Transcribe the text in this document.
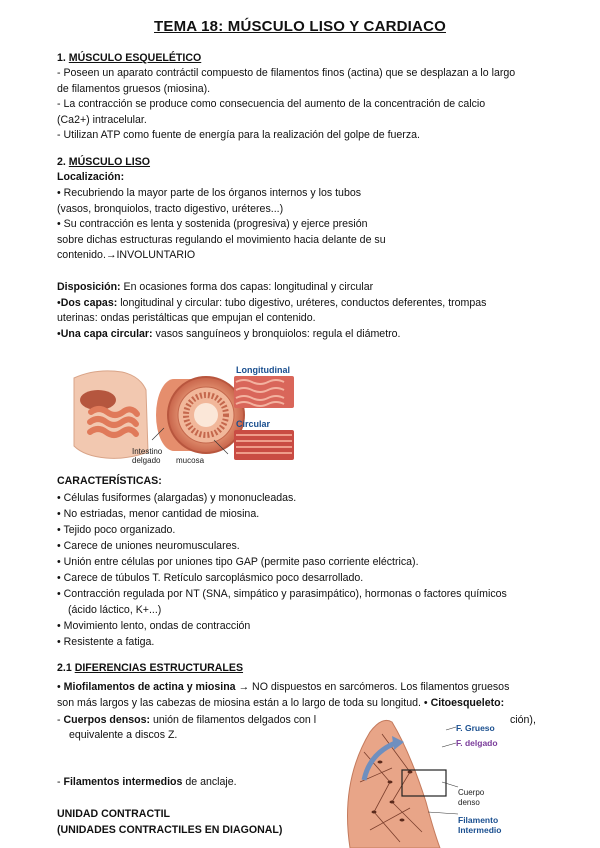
TEMA 18: MÚSCULO LISO Y CARDIACO
1. MÚSCULO ESQUELÉTICO
- Poseen un aparato contráctil compuesto de filamentos finos (actina) que se desplazan a lo largo
de filamentos gruesos (miosina).
- La contracción se produce como consecuencia del aumento de la concentración de calcio
(Ca2+) intracelular.
- Utilizan ATP como fuente de energía para la realización del golpe de fuerza.
2. MÚSCULO LISO
Localización:
• Recubriendo la mayor parte de los órganos internos y los tubos
(vasos, bronquiolos, tracto digestivo, uréteres...)
• Su contracción es lenta y sostenida (progresiva) y ejerce presión
sobre dichas estructuras regulando el movimiento hacia delante de su
contenido.→INVOLUNTARIO
Disposición: En ocasiones forma dos capas: longitudinal y circular
•Dos capas: longitudinal y circular: tubo digestivo, uréteres, conductos deferentes, trompas
uterinas: ondas peristálticas que empujan el contenido.
•Una capa circular: vasos sanguíneos y bronquiolos: regula el diámetro.
Longitudinal
Circular
Intestino
delgado mucosa
CARACTERÍSTICAS:
• Células fusiformes (alargadas) y mononucleadas.
• No estriadas, menor cantidad de miosina.
• Tejido poco organizado.
• Carece de uniones neuromusculares.
• Unión entre células por uniones tipo GAP (permite paso corriente eléctrica).
• Carece de túbulos T. Retículo sarcoplásmico poco desarrollado.
• Contracción regulada por NT (SNA, simpático y parasimpático), hormonas o factores químicos
(ácido láctico, K+...)
• Movimiento lento, ondas de contracción
• Resistente a fatiga.
2.1 DIFERENCIAS ESTRUCTURALES
• Miofilamentos de actina y miosina → NO dispuestos en sarcómeros. Los filamentos gruesos
son más largos y las cabezas de miosina están a lo largo de toda su longitud. • Citoesqueleto:
- Cuerpos densos: unión de filamentos delgados con l	ción),
equivalente a discos Z.
- Filamentos intermedios de anclaje.
UNIDAD CONTRACTIL
(UNIDADES CONTRACTILES EN DIAGONAL)
F. Grueso
F. delgado
Cuerpo
denso
Filamento
Intermedio
